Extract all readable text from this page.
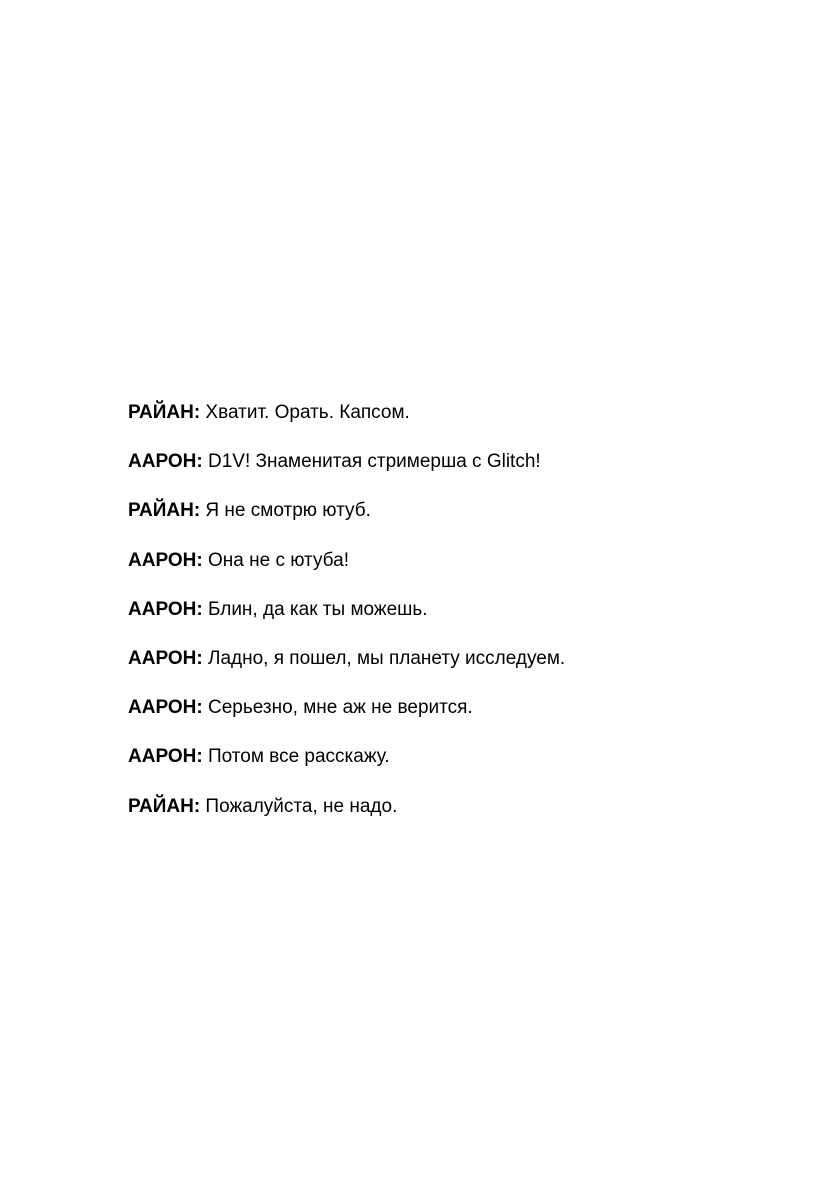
РАЙАН: Хватит. Орать. Капсом.
ААРОН: D1V! Знаменитая стримерша с Glitch!
РАЙАН: Я не смотрю ютуб.
ААРОН: Она не с ютуба!
ААРОН: Блин, да как ты можешь.
ААРОН: Ладно, я пошел, мы планету исследуем.
ААРОН: Серьезно, мне аж не верится.
ААРОН: Потом все расскажу.
РАЙАН: Пожалуйста, не надо.
